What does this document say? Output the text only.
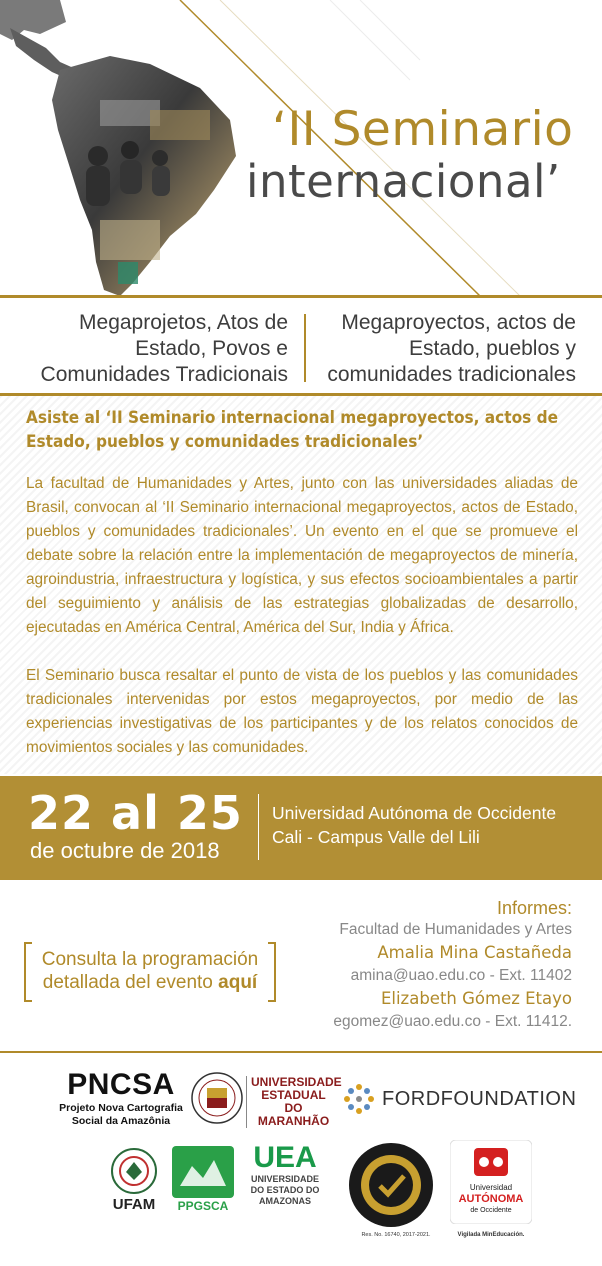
‘II Seminario
internacional’
Megaprojetos, Atos de
Estado, Povos e
Comunidades Tradicionais
Megaproyectos, actos de
Estado, pueblos y
comunidades tradicionales
Asiste al ‘II Seminario internacional megaproyectos, actos de Estado, pueblos y comunidades tradicionales’

La facultad de Humanidades y Artes, junto con las universidades aliadas de Brasil, convocan al ‘II Seminario internacional megaproyectos, actos de Estado, pueblos y comunidades tradicionales’. Un evento en el que se promueve el debate sobre la relación entre la implementación de megaproyectos de minería, agroindustria, infraestructura y logística, y sus efectos socioambientales a partir del seguimiento y análisis de las estrategias globalizadas de desarrollo, ejecutadas en América Central, América del Sur, India y África.

El Seminario busca resaltar el punto de vista de los pueblos y las comunidades tradicionales intervenidas por estos megaproyectos, por medio de las experiencias investigativas de los participantes y de los relatos conocidos de movimientos sociales y las comunidades.

22 al 25
de octubre de 2018
Universidad Autónoma de Occidente
Cali - Campus Valle del Lili
Consulta la programación
detallada del evento aquí
Informes:
Facultad de Humanidades y Artes
Amalia Mina Castañeda
amina@uao.edu.co - Ext. 11402
Elizabeth Gómez Etayo
egomez@uao.edu.co - Ext. 11412.
PNCSA
Projeto Nova Cartografia
Social da Amazônia
UNIVERSIDADE
ESTADUAL DO
MARANHÃO
FORDFOUNDATION
UFAM	PPGSCA
UEA
UNIVERSIDADE
DO ESTADO DO
AMAZONAS
Res. No. 16740, 2017-2021.
Universidad
AUTÓNOMA
de Occidente
Vigilada MinEducación.
